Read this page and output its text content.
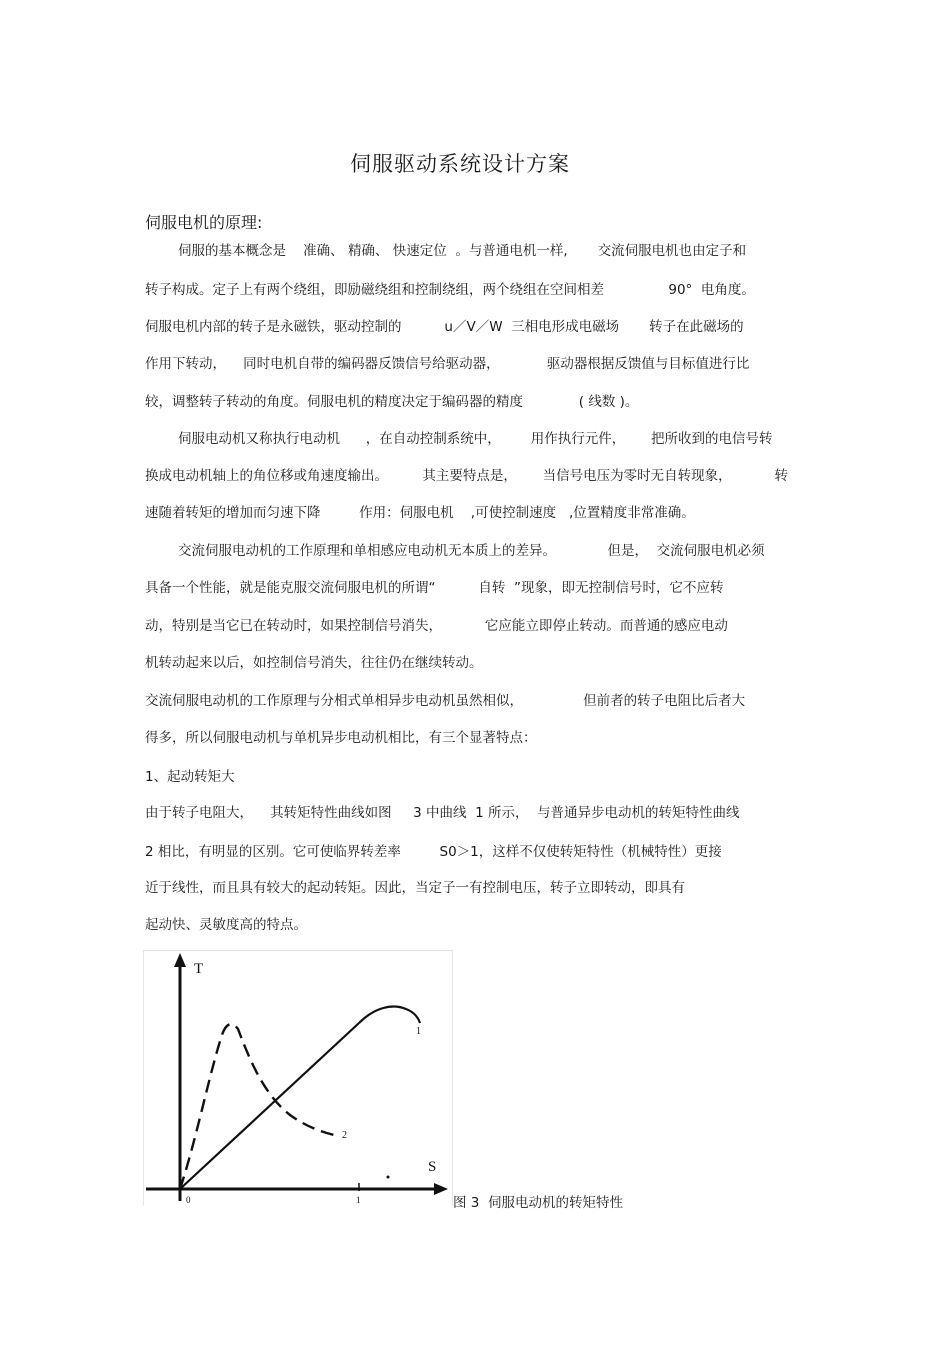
伺服驱动系统设计方案
伺服电机的原理:
伺服的基本概念是    准确、 精确、 快速定位  。与普通电机一样,       交流伺服电机也由定子和
转子构成。定子上有两个绕组，即励磁绕组和控制绕组，两个绕组在空间相差               90°  电角度。
伺服电机内部的转子是永磁铁，驱动控制的          u／V／W  三相电形成电磁场       转子在此磁场的
作用下转动，    同时电机自带的编码器反馈信号给驱动器，           驱动器根据反馈值与目标值进行比
较，调整转子转动的角度。伺服电机的精度决定于编码器的精度             ( 线数 )。
伺服电动机又称执行电动机      ，在自动控制系统中，       用作执行元件，      把所收到的电信号转
换成电动机轴上的角位移或角速度输出。        其主要特点是，      当信号电压为零时无自转现象，          转
速随着转矩的增加而匀速下降         作用：伺服电机    ,可使控制速度   ,位置精度非常准确。
交流伺服电动机的工作原理和单相感应电动机无本质上的差异。            但是，  交流伺服电机必须
具备一个性能，就是能克服交流伺服电机的所谓“          自转  ”现象，即无控制信号时，它不应转
动，特别是当它已在转动时，如果控制信号消失，          它应能立即停止转动。而普通的感应电动
机转动起来以后，如控制信号消失，往往仍在继续转动。
交流伺服电动机的工作原理与分相式单相异步电动机虽然相似，              但前者的转子电阻比后者大
得多，所以伺服电动机与单机异步电动机相比，有三个显著特点：
1、起动转矩大
由于转子电阻大，    其转矩特性曲线如图     3 中曲线  1 所示，  与普通异步电动机的转矩特性曲线
2 相比，有明显的区别。它可使临界转差率         S0＞1，这样不仅使转矩特性（机械特性）更接
近于线性，而且具有较大的起动转矩。因此，当定子一有控制电压，转子立即转动，即具有
起动快、灵敏度高的特点。
T
S
0	1
1
2
图 3  伺服电动机的转矩特性
